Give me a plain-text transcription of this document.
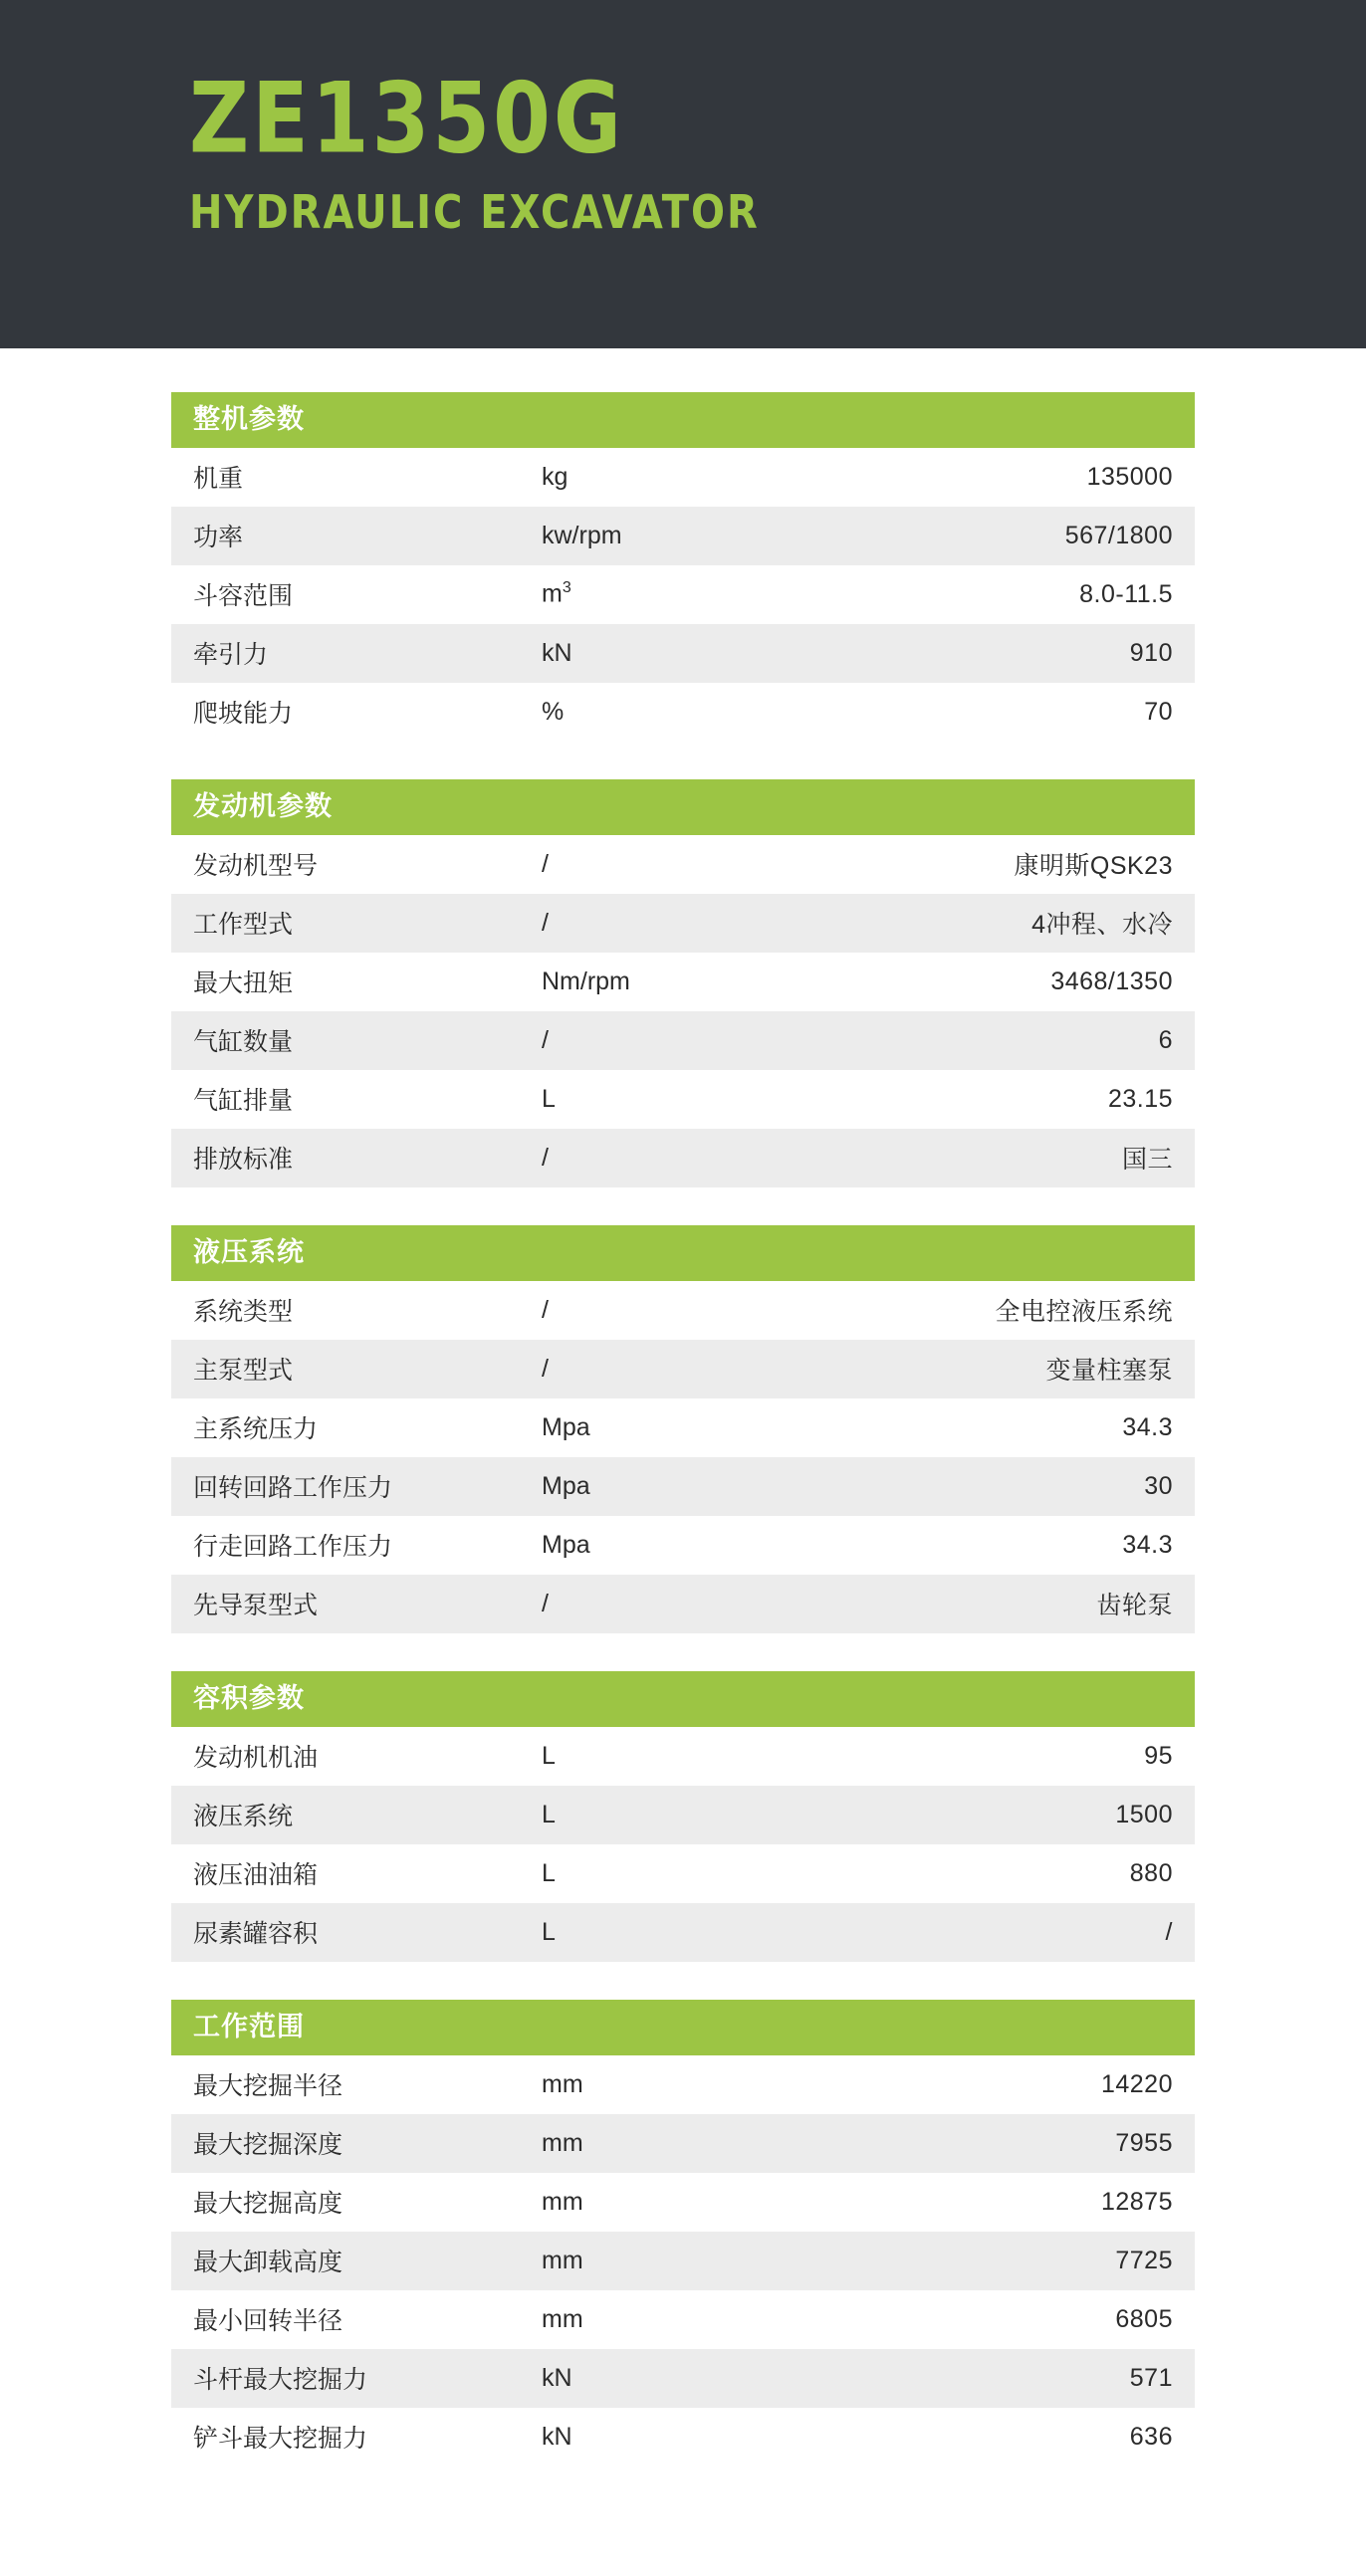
ZE1350G
HYDRAULIC EXCAVATOR
整机参数
机重	kg	135000
功率	kw/rpm	567/1800
斗容范围	$m^3$	8.0-11.5
牵引力	kN	910
爬坡能力	%	70
发动机参数
发动机型号	/	康明斯QSK23
工作型式	/	4冲程、水冷
最大扭矩	Nm/rpm	3468/1350
气缸数量	/	6
气缸排量	L	23.15
排放标准	/	国三
液压系统
系统类型	/	全电控液压系统
主泵型式	/	变量柱塞泵
主系统压力	Mpa	34.3
回转回路工作压力	Mpa	30
行走回路工作压力	Mpa	34.3
先导泵型式	/	齿轮泵
容积参数
发动机机油	L	95
液压系统	L	1500
液压油油箱	L	880
尿素罐容积	L	/
工作范围
最大挖掘半径	mm	14220
最大挖掘深度	mm	7955
最大挖掘高度	mm	12875
最大卸载高度	mm	7725
最小回转半径	mm	6805
斗杆最大挖掘力	kN	571
铲斗最大挖掘力	kN	636
